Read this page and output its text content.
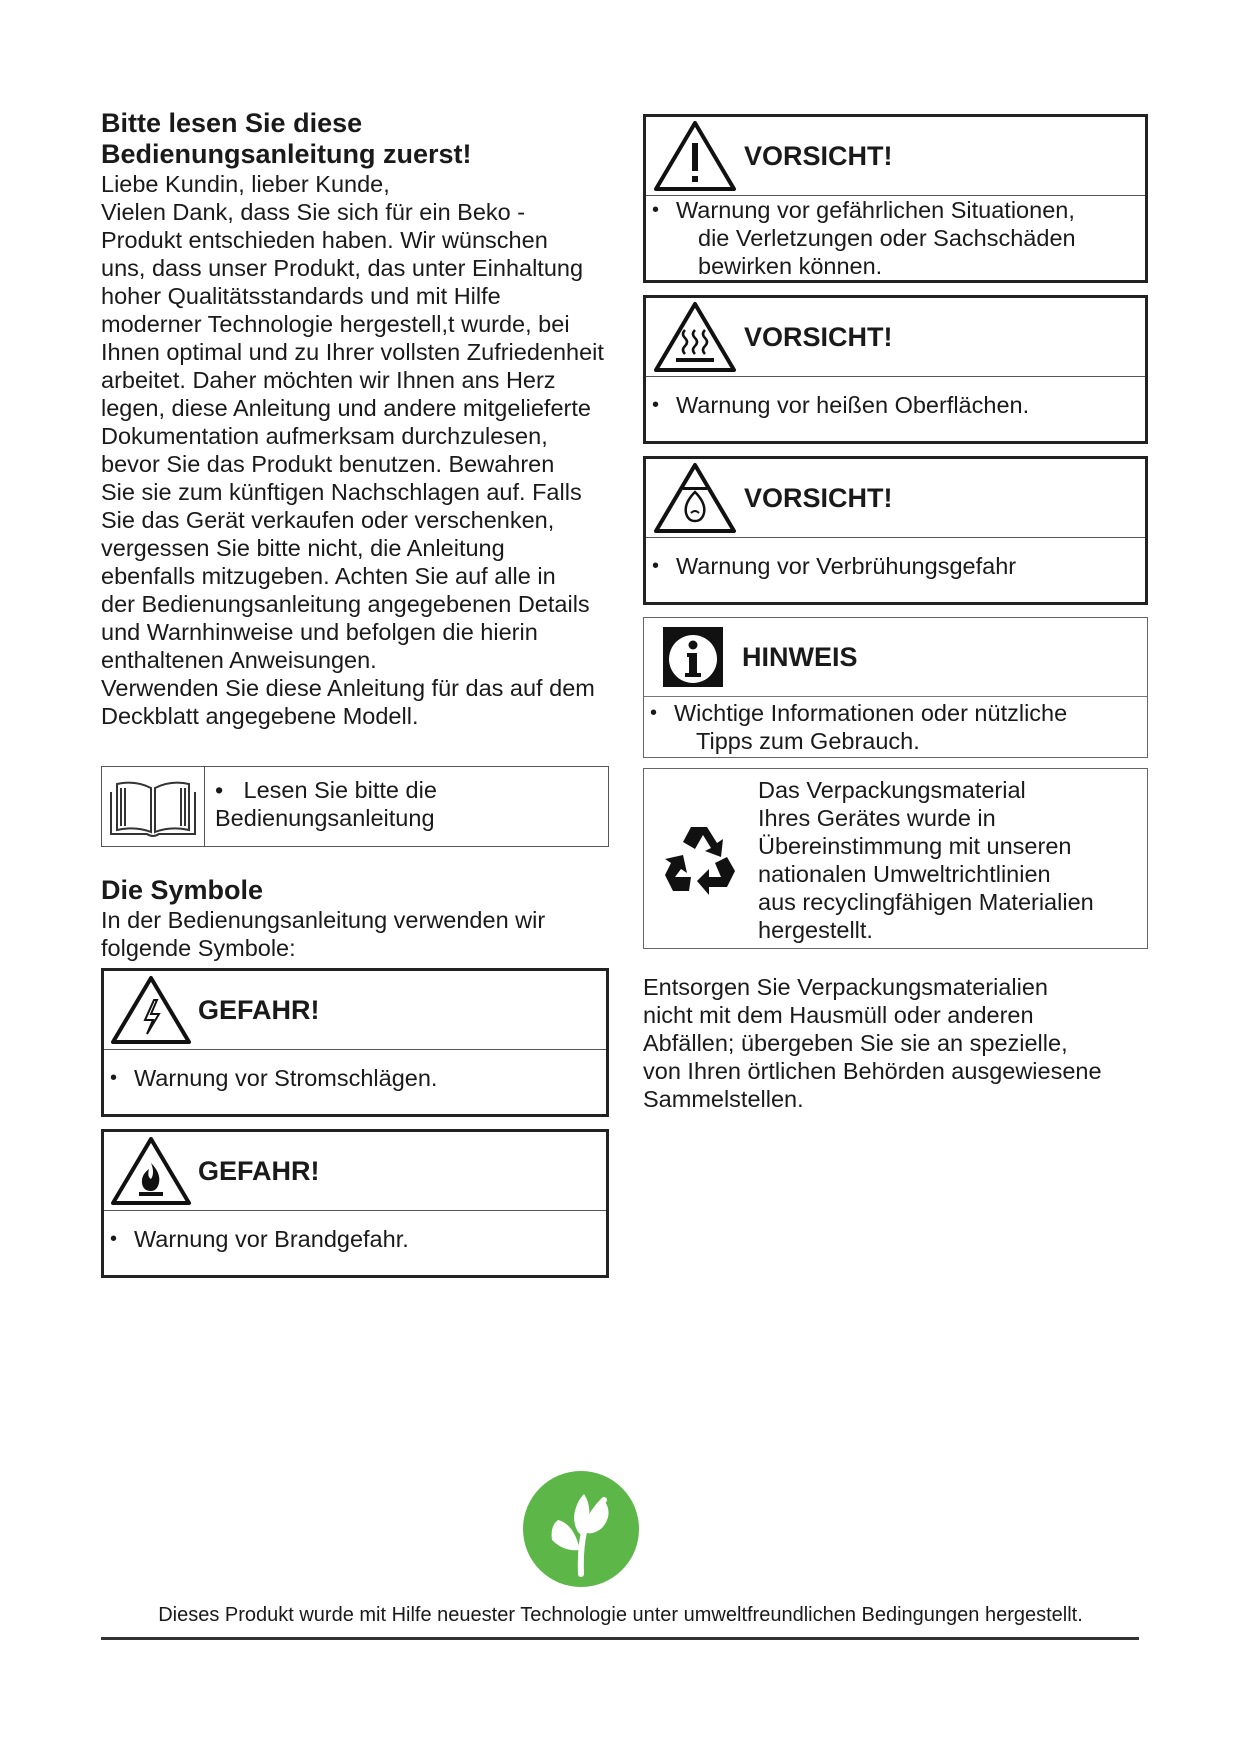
Bitte lesen Sie diese
Bedienungsanleitung zuerst!

Liebe Kundin, lieber Kunde,
Vielen Dank, dass Sie sich für ein Beko -
Produkt entschieden haben. Wir wünschen
uns, dass unser Produkt, das unter Einhaltung
hoher Qualitätsstandards und mit Hilfe
moderner Technologie hergestell,t wurde, bei
Ihnen optimal und zu Ihrer vollsten Zufriedenheit
arbeitet. Daher möchten wir Ihnen ans Herz
legen, diese Anleitung und andere mitgelieferte
Dokumentation aufmerksam durchzulesen,
bevor Sie das Produkt benutzen. Bewahren
Sie sie zum künftigen Nachschlagen auf. Falls
Sie das Gerät verkaufen oder verschenken,
vergessen Sie bitte nicht, die Anleitung
ebenfalls mitzugeben. Achten Sie auf alle in
der Bedienungsanleitung angegebenen Details
und Warnhinweise und befolgen die hierin
enthaltenen Anweisungen.
Verwenden Sie diese Anleitung für das auf dem
Deckblatt angegebene Modell.

• Lesen Sie bitte die
Bedienungsanleitung
Die Symbole

In der Bedienungsanleitung verwenden wir
folgende Symbole:

GEFAHR!
• Warnung vor Stromschlägen.
GEFAHR!
• Warnung vor Brandgefahr.
VORSICHT!
• Warnung vor gefährlichen Situationen,
die Verletzungen oder Sachschäden
bewirken können.
VORSICHT!
• Warnung vor heißen Oberflächen.
VORSICHT!
• Warnung vor Verbrühungsgefahr
HINWEIS
• Wichtige Informationen oder nützliche
Tipps zum Gebrauch.
Das Verpackungsmaterial
Ihres Gerätes wurde in
Übereinstimmung mit unseren
nationalen Umweltrichtlinien
aus recyclingfähigen Materialien
hergestellt.

Entsorgen Sie Verpackungsmaterialien
nicht mit dem Hausmüll oder anderen
Abfällen; übergeben Sie sie an spezielle,
von Ihren örtlichen Behörden ausgewiesene
Sammelstellen.

Dieses Produkt wurde mit Hilfe neuester Technologie unter umweltfreundlichen Bedingungen hergestellt.
